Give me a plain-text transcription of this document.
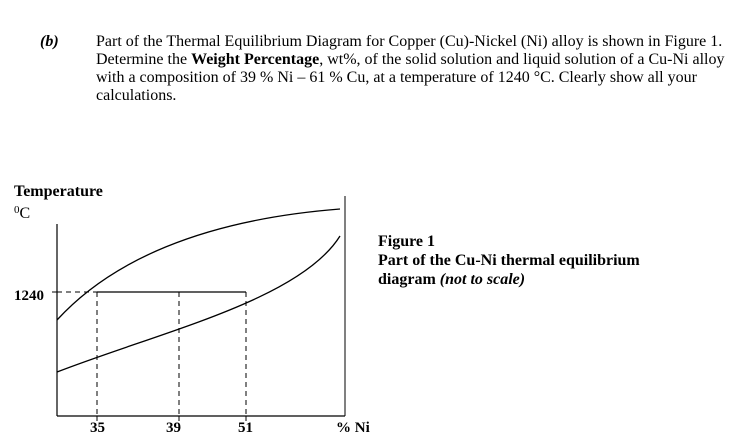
(b) Part of the Thermal Equilibrium Diagram for Copper (Cu)-Nickel (Ni) alloy is shown in Figure 1. Determine the Weight Percentage, wt%, of the solid solution and liquid solution of a Cu-Ni alloy with a composition of 39 % Ni – 61 % Cu, at a temperature of 1240 °C. Clearly show all your calculations.
Temperature
$^0$C
1240
35	39	51	% Ni
Figure 1
Part of the Cu-Ni thermal equilibrium
diagram (not to scale)
